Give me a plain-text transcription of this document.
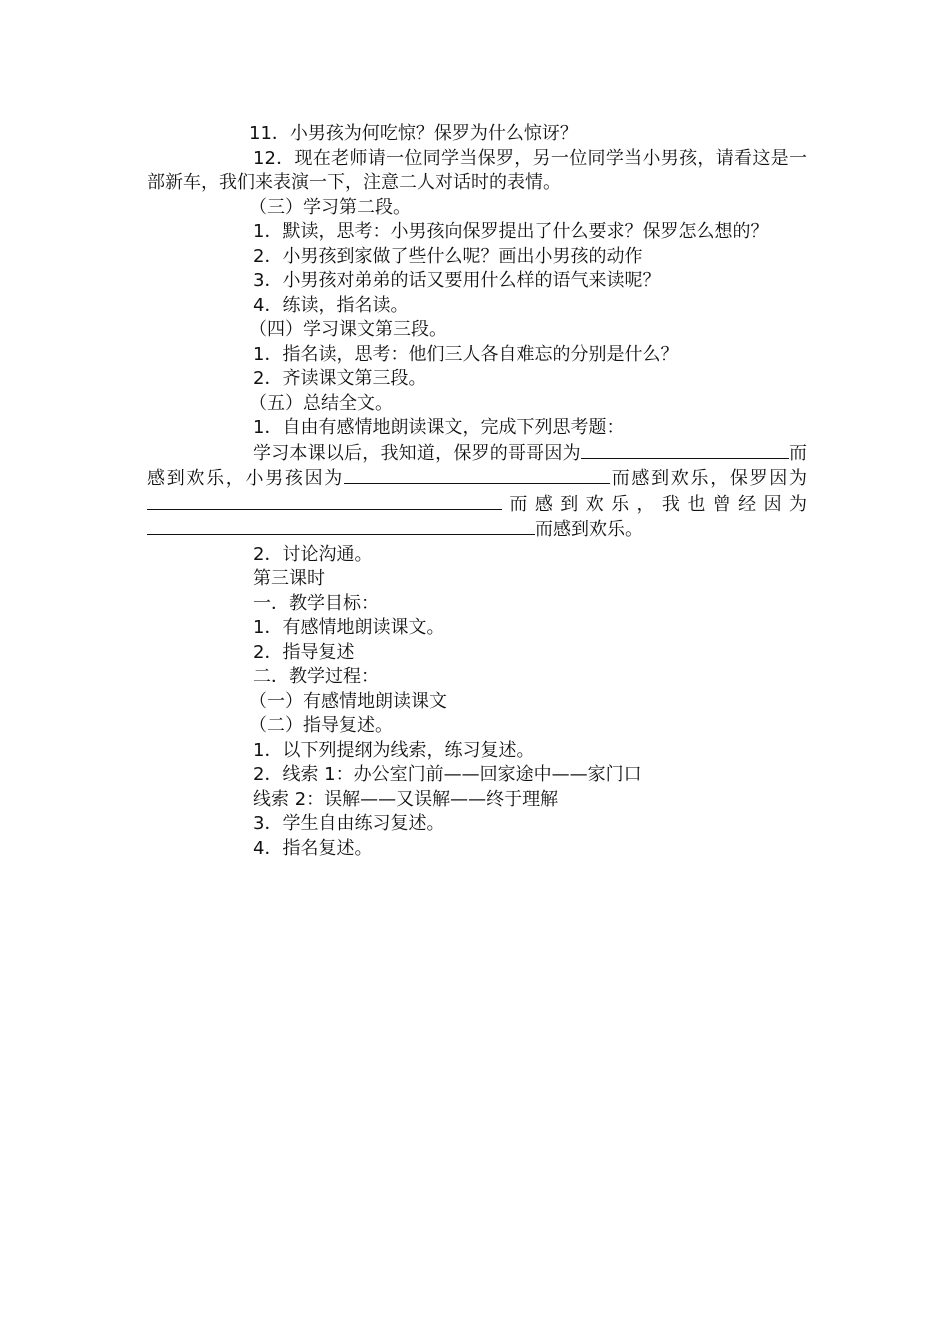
11．小男孩为何吃惊？保罗为什么惊讶？
12．现在老师请一位同学当保罗，另一位同学当小男孩，请看这是一部新车，我们来表演一下，注意二人对话时的表情。
（三）学习第二段。
1．默读，思考：小男孩向保罗提出了什么要求？保罗怎么想的？
2．小男孩到家做了些什么呢？画出小男孩的动作
3．小男孩对弟弟的话又要用什么样的语气来读呢？
4．练读，指名读。
（四）学习课文第三段。
1．指名读，思考：他们三人各自难忘的分别是什么？
2．齐读课文第三段。
（五）总结全文。
1．自由有感情地朗读课文，完成下列思考题：
学习本课以后，我知道，保罗的哥哥因为	而感到欢乐，小男孩因为	而感到欢乐，保罗因为而感到欢乐，我也曾经因为而感到欢乐。
2．讨论沟通。
第三课时
一．教学目标：
1．有感情地朗读课文。
2．指导复述
二．教学过程：
（一）有感情地朗读课文
（二）指导复述。
1．以下列提纲为线索，练习复述。
2．线索 1：办公室门前——回家途中——家门口
线索 2：误解——又误解——终于理解
3．学生自由练习复述。
4．指名复述。
